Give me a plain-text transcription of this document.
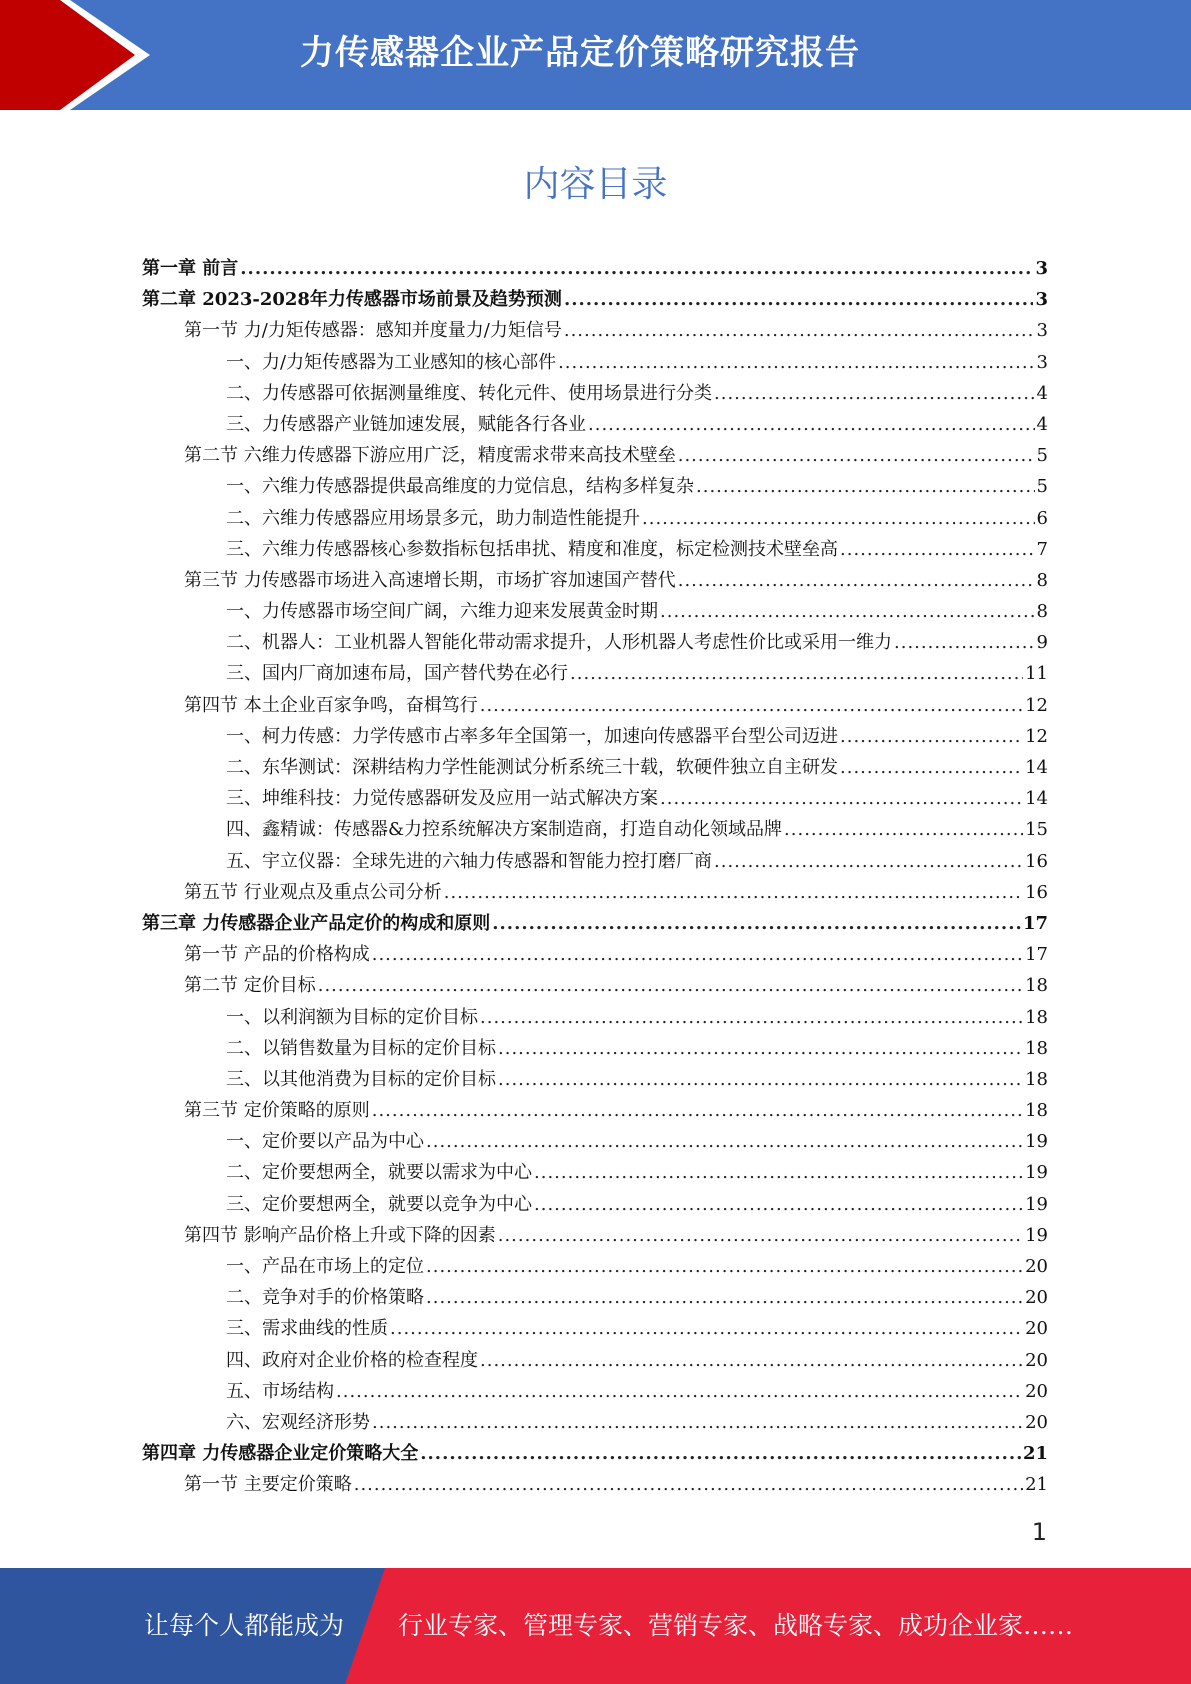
力传感器企业产品定价策略研究报告
内容目录
第一章 前言 .....	3
第二章 2023-2028年力传感器市场前景及趋势预测 .....	3
第一节 力/力矩传感器：感知并度量力/力矩信号 .....	3
一、力/力矩传感器为工业感知的核心部件 .....	3
二、力传感器可依据测量维度、转化元件、使用场景进行分类 .....	4
三、力传感器产业链加速发展，赋能各行各业 .....	4
第二节 六维力传感器下游应用广泛，精度需求带来高技术壁垒 .....	5
一、六维力传感器提供最高维度的力觉信息，结构多样复杂 .....	5
二、六维力传感器应用场景多元，助力制造性能提升 .....	6
三、六维力传感器核心参数指标包括串扰、精度和准度，标定检测技术壁垒高 .....	7
第三节 力传感器市场进入高速增长期，市场扩容加速国产替代 .....	8
一、力传感器市场空间广阔，六维力迎来发展黄金时期 .....	8
二、机器人：工业机器人智能化带动需求提升，人形机器人考虑性价比或采用一维力 .....	9
三、国内厂商加速布局，国产替代势在必行 .....	11
第四节 本土企业百家争鸣，奋楫笃行 .....	12
一、柯力传感：力学传感市占率多年全国第一，加速向传感器平台型公司迈进 .....	12
二、东华测试：深耕结构力学性能测试分析系统三十载，软硬件独立自主研发 .....	14
三、坤维科技：力觉传感器研发及应用一站式解决方案 .....	14
四、鑫精诚：传感器&力控系统解决方案制造商，打造自动化领域品牌 .....	15
五、宇立仪器：全球先进的六轴力传感器和智能力控打磨厂商 .....	16
第五节 行业观点及重点公司分析 .....	16
第三章 力传感器企业产品定价的构成和原则 .....	17
第一节 产品的价格构成 .....	17
第二节 定价目标 .....	18
一、以利润额为目标的定价目标 .....	18
二、以销售数量为目标的定价目标 .....	18
三、以其他消费为目标的定价目标 .....	18
第三节 定价策略的原则 .....	18
一、定价要以产品为中心 .....	19
二、定价要想两全，就要以需求为中心 .....	19
三、定价要想两全，就要以竞争为中心 .....	19
第四节 影响产品价格上升或下降的因素 .....	19
一、产品在市场上的定位 .....	20
二、竞争对手的价格策略 .....	20
三、需求曲线的性质 .....	20
四、政府对企业价格的检查程度 .....	20
五、市场结构 .....	20
六、宏观经济形势 .....	20
第四章 力传感器企业定价策略大全 .....	21
第一节 主要定价策略 .....	21
1
让每个人都能成为 行业专家、管理专家、营销专家、战略专家、成功企业家……
